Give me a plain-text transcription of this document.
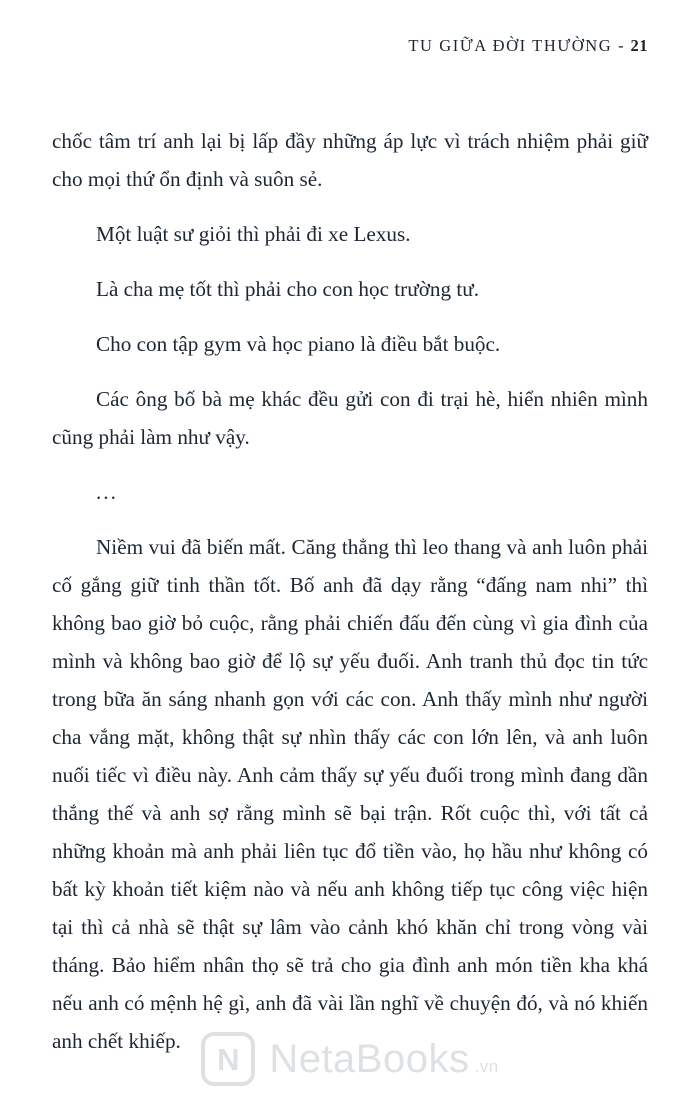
TU GIỮA ĐỜI THƯỜNG - 21

chốc tâm trí anh lại bị lấp đầy những áp lực vì trách nhiệm phải giữ cho mọi thứ ổn định và suôn sẻ.

Một luật sư giỏi thì phải đi xe Lexus.

Là cha mẹ tốt thì phải cho con học trường tư.

Cho con tập gym và học piano là điều bắt buộc.

Các ông bố bà mẹ khác đều gửi con đi trại hè, hiển nhiên mình cũng phải làm như vậy.

...

Niềm vui đã biến mất. Căng thẳng thì leo thang và anh luôn phải cố gắng giữ tinh thần tốt. Bố anh đã dạy rằng “đấng nam nhi” thì không bao giờ bỏ cuộc, rằng phải chiến đấu đến cùng vì gia đình của mình và không bao giờ để lộ sự yếu đuối. Anh tranh thủ đọc tin tức trong bữa ăn sáng nhanh gọn với các con. Anh thấy mình như người cha vắng mặt, không thật sự nhìn thấy các con lớn lên, và anh luôn nuối tiếc vì điều này. Anh cảm thấy sự yếu đuối trong mình đang dần thắng thế và anh sợ rằng mình sẽ bại trận. Rốt cuộc thì, với tất cả những khoản mà anh phải liên tục đổ tiền vào, họ hầu như không có bất kỳ khoản tiết kiệm nào và nếu anh không tiếp tục công việc hiện tại thì cả nhà sẽ thật sự lâm vào cảnh khó khăn chỉ trong vòng vài tháng. Bảo hiểm nhân thọ sẽ trả cho gia đình anh món tiền kha khá nếu anh có mệnh hệ gì, anh đã vài lần nghĩ về chuyện đó, và nó khiến anh chết khiếp.

N NetaBooks .vn
